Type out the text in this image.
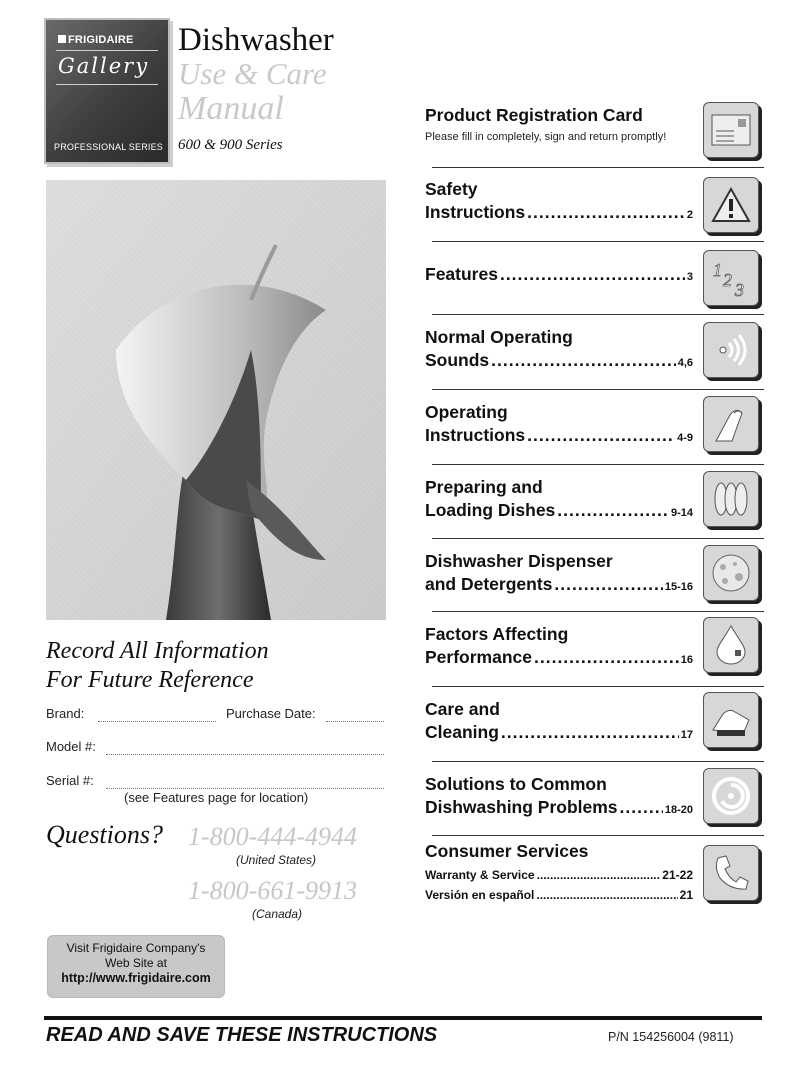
FRIGIDAIRE
Gallery
PROFESSIONAL SERIES
Dishwasher
Use & Care
Manual
600 & 900 Series
Record All Information
For Future Reference
Brand:	Purchase Date:
Model #:
Serial #:
(see Features page for location)
Questions? 1-800-444-4944
(United States)
1-800-661-9913
(Canada)
Visit Frigidaire Company's
Web Site at
http://www.frigidaire.com
READ AND SAVE THESE INSTRUCTIONS	P/N 154256004 (9811)
Product Registration Card
Please fill in completely, sign and return promptly!
Safety
Instructions .....	2
Features .....	3 1 2 3
Normal Operating
Sounds .....	4,6
Operating
Instructions .....	4-9
Preparing and
Loading Dishes .....	9-14
Dishwasher Dispenser
and Detergents .....	15-16
Factors Affecting
Performance .....	16
Care and
Cleaning .....	17
Solutions to Common
Dishwashing Problems .....	18-20
Consumer Services
Warranty & Service .....	21-22
Versión en español .....	21
